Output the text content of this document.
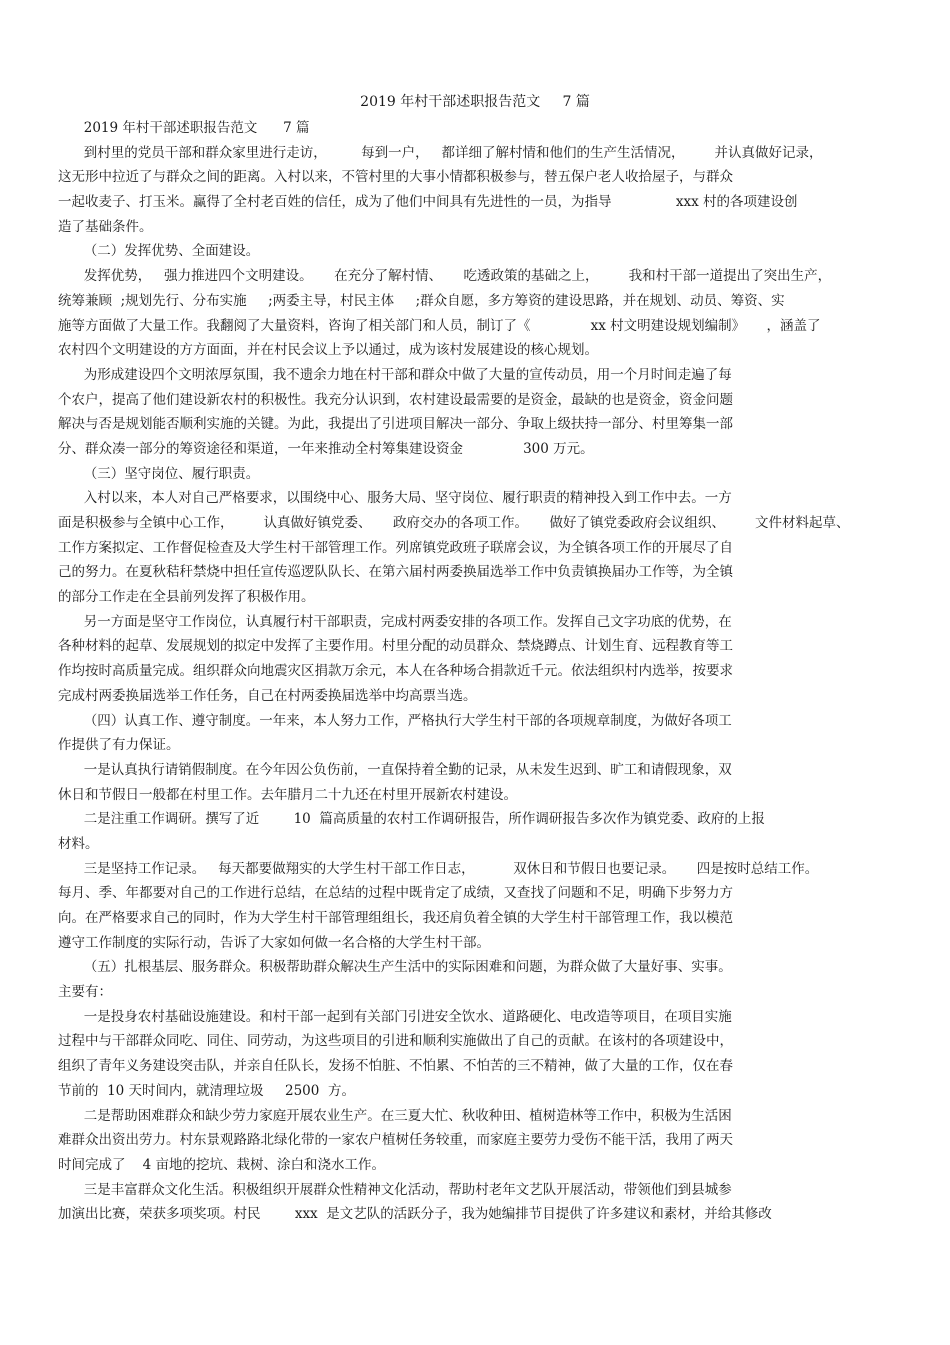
2019 年村干部述职报告范文     7 篇
2019 年村干部述职报告范文      7 篇
到村里的党员干部和群众家里进行走访，        每到一户，   都详细了解村情和他们的生产生活情况，       并认真做好记录，
这无形中拉近了与群众之间的距离。入村以来，不管村里的大事小情都积极参与，替五保户老人收拾屋子，与群众
一起收麦子、打玉米。赢得了全村老百姓的信任，成为了他们中间具有先进性的一员，为指导               xxx 村的各项建设创
造了基础条件。
（二）发挥优势、全面建设。
发挥优势，   强力推进四个文明建设。     在充分了解村情、     吃透政策的基础之上，       我和村干部一道提出了突出生产，
统筹兼顾  ;规划先行、分布实施     ;两委主导，村民主体     ;群众自愿，多方筹资的建设思路，并在规划、动员、筹资、实
施等方面做了大量工作。我翻阅了大量资料，咨询了相关部门和人员，制订了《              xx 村文明建设规划编制》     ，涵盖了
农村四个文明建设的方方面面，并在村民会议上予以通过，成为该村发展建设的核心规划。
为形成建设四个文明浓厚氛围，我不遗余力地在村干部和群众中做了大量的宣传动员，用一个月时间走遍了每
个农户，提高了他们建设新农村的积极性。我充分认识到，农村建设最需要的是资金，最缺的也是资金，资金问题
解决与否是规划能否顺利实施的关键。为此，我提出了引进项目解决一部分、争取上级扶持一部分、村里筹集一部
分、群众凑一部分的筹资途径和渠道，一年来推动全村筹集建设资金              300 万元。
（三）坚守岗位、履行职责。
入村以来，本人对自己严格要求，以围绕中心、服务大局、坚守岗位、履行职责的精神投入到工作中去。一方
面是积极参与全镇中心工作，       认真做好镇党委、     政府交办的各项工作。     做好了镇党委政府会议组织、       文件材料起草、
工作方案拟定、工作督促检查及大学生村干部管理工作。列席镇党政班子联席会议，为全镇各项工作的开展尽了自
己的努力。在夏秋秸秆禁烧中担任宣传巡逻队队长、在第六届村两委换届选举工作中负责镇换届办工作等，为全镇
的部分工作走在全县前列发挥了积极作用。
另一方面是坚守工作岗位，认真履行村干部职责，完成村两委安排的各项工作。发挥自己文字功底的优势，在
各种材料的起草、发展规划的拟定中发挥了主要作用。村里分配的动员群众、禁烧蹲点、计划生育、远程教育等工
作均按时高质量完成。组织群众向地震灾区捐款万余元，本人在各种场合捐款近千元。依法组织村内选举，按要求
完成村两委换届选举工作任务，自己在村两委换届选举中均高票当选。
（四）认真工作、遵守制度。一年来，本人努力工作，严格执行大学生村干部的各项规章制度，为做好各项工
作提供了有力保证。
一是认真执行请销假制度。在今年因公负伤前，一直保持着全勤的记录，从未发生迟到、旷工和请假现象，双
休日和节假日一般都在村里工作。去年腊月二十九还在村里开展新农村建设。
二是注重工作调研。撰写了近        10  篇高质量的农村工作调研报告，所作调研报告多次作为镇党委、政府的上报
材料。
三是坚持工作记录。   每天都要做翔实的大学生村干部工作日志，         双休日和节假日也要记录。     四是按时总结工作。
每月、季、年都要对自己的工作进行总结，在总结的过程中既肯定了成绩，又查找了问题和不足，明确下步努力方
向。在严格要求自己的同时，作为大学生村干部管理组组长，我还肩负着全镇的大学生村干部管理工作，我以模范
遵守工作制度的实际行动，告诉了大家如何做一名合格的大学生村干部。
（五）扎根基层、服务群众。积极帮助群众解决生产生活中的实际困难和问题，为群众做了大量好事、实事。
主要有：
一是投身农村基础设施建设。和村干部一起到有关部门引进安全饮水、道路硬化、电改造等项目，在项目实施
过程中与干部群众同吃、同住、同劳动，为这些项目的引进和顺利实施做出了自己的贡献。在该村的各项建设中，
组织了青年义务建设突击队，并亲自任队长，发扬不怕脏、不怕累、不怕苦的三不精神，做了大量的工作，仅在春
节前的  10 天时间内，就清理垃圾     2500  方。
二是帮助困难群众和缺少劳力家庭开展农业生产。在三夏大忙、秋收种田、植树造林等工作中，积极为生活困
难群众出资出劳力。村东景观路路北绿化带的一家农户植树任务较重，而家庭主要劳力受伤不能干活，我用了两天
时间完成了    4 亩地的挖坑、栽树、涂白和浇水工作。
三是丰富群众文化生活。积极组织开展群众性精神文化活动，帮助村老年文艺队开展活动，带领他们到县城参
加演出比赛，荣获多项奖项。村民        xxx  是文艺队的活跃分子，我为她编排节目提供了许多建议和素材，并给其修改
